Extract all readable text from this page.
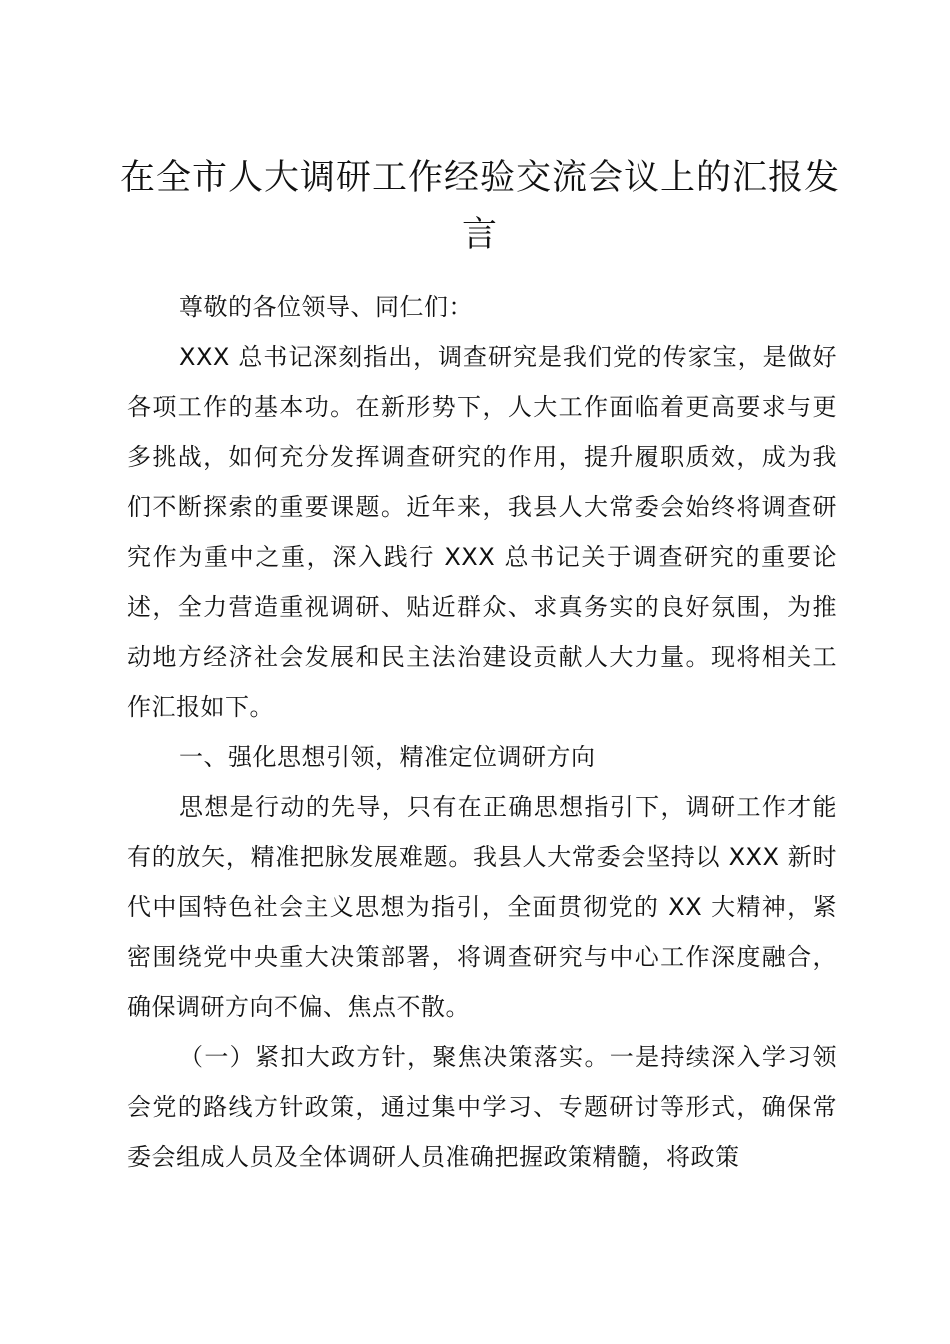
在全市人大调研工作经验交流会议上的汇报发言

尊敬的各位领导、同仁们：

XXX 总书记深刻指出，调查研究是我们党的传家宝，是做好各项工作的基本功。在新形势下，人大工作面临着更高要求与更多挑战，如何充分发挥调查研究的作用，提升履职质效，成为我们不断探索的重要课题。近年来，我县人大常委会始终将调查研究作为重中之重，深入践行 XXX 总书记关于调查研究的重要论述，全力营造重视调研、贴近群众、求真务实的良好氛围，为推动地方经济社会发展和民主法治建设贡献人大力量。现将相关工作汇报如下。

一、强化思想引领，精准定位调研方向

思想是行动的先导，只有在正确思想指引下，调研工作才能有的放矢，精准把脉发展难题。我县人大常委会坚持以 XXX 新时代中国特色社会主义思想为指引，全面贯彻党的 XX 大精神，紧密围绕党中央重大决策部署，将调查研究与中心工作深度融合，确保调研方向不偏、焦点不散。

（一）紧扣大政方针，聚焦决策落实。一是持续深入学习领会党的路线方针政策，通过集中学习、专题研讨等形式，确保常委会组成人员及全体调研人员准确把握政策精髓，将政策
